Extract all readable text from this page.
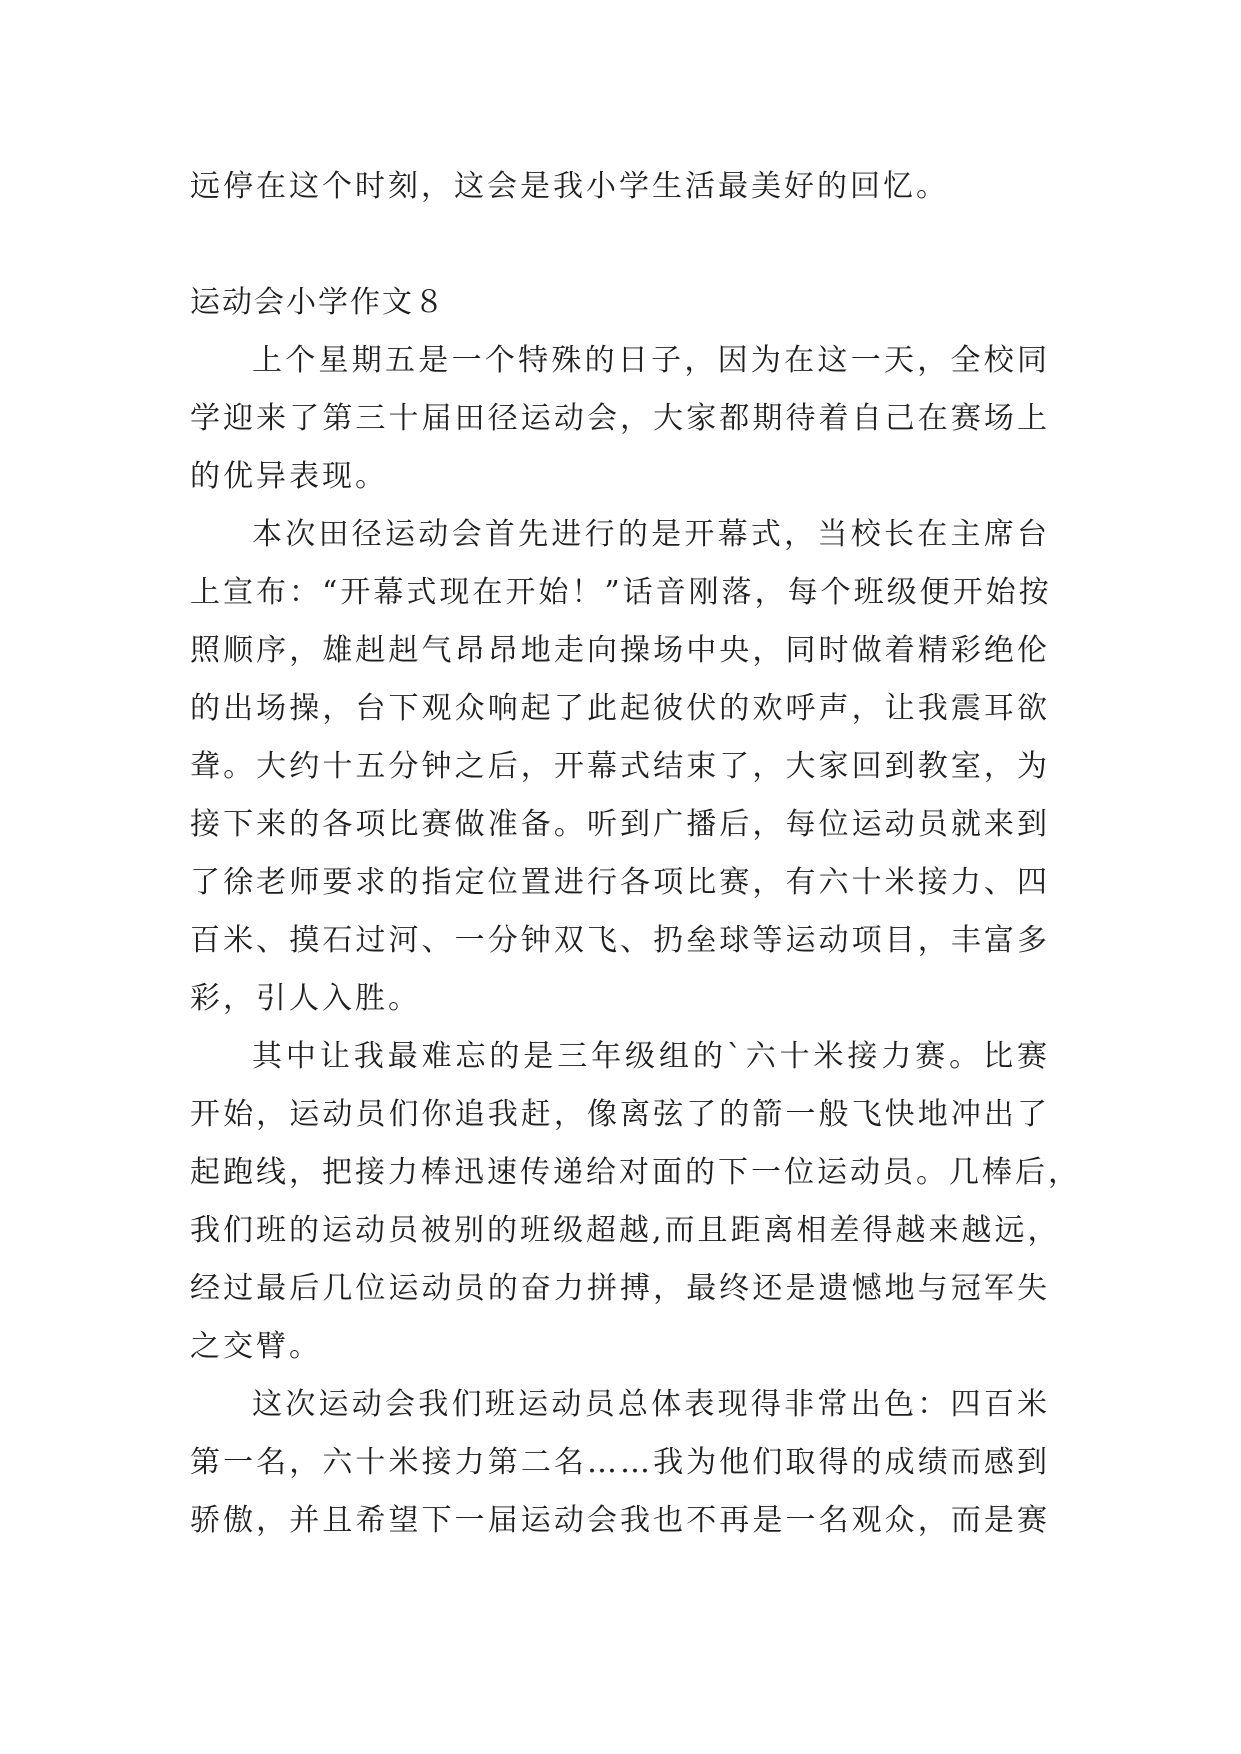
远停在这个时刻，这会是我小学生活最美好的回忆。
运动会小学作文８
上个星期五是一个特殊的日子，因为在这一天，全校同
学迎来了第三十届田径运动会，大家都期待着自己在赛场上
的优异表现。
本次田径运动会首先进行的是开幕式，当校长在主席台
上宣布：“开幕式现在开始！”话音刚落，每个班级便开始按
照顺序，雄赳赳气昂昂地走向操场中央，同时做着精彩绝伦
的出场操，台下观众响起了此起彼伏的欢呼声，让我震耳欲
聋。大约十五分钟之后，开幕式结束了，大家回到教室，为
接下来的各项比赛做准备。听到广播后，每位运动员就来到
了徐老师要求的指定位置进行各项比赛，有六十米接力、四
百米、摸石过河、一分钟双飞、扔垒球等运动项目，丰富多
彩，引人入胜。
其中让我最难忘的是三年级组的`六十米接力赛。比赛
开始，运动员们你追我赶，像离弦了的箭一般飞快地冲出了
起跑线，把接力棒迅速传递给对面的下一位运动员。几棒后，
我们班的运动员被别的班级超越,而且距离相差得越来越远，
经过最后几位运动员的奋力拼搏，最终还是遗憾地与冠军失
之交臂。
这次运动会我们班运动员总体表现得非常出色：四百米
第一名，六十米接力第二名……我为他们取得的成绩而感到
骄傲，并且希望下一届运动会我也不再是一名观众，而是赛
